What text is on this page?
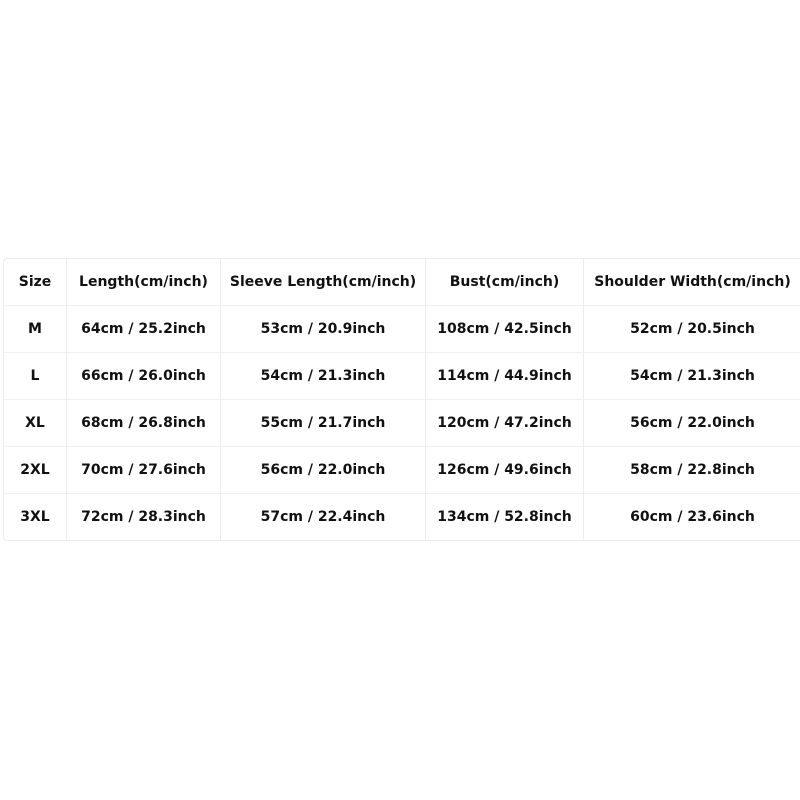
Size	Length(cm/inch)	Sleeve Length(cm/inch)	Bust(cm/inch)	Shoulder Width(cm/inch)
M	64cm / 25.2inch	53cm / 20.9inch	108cm / 42.5inch	52cm / 20.5inch
L	66cm / 26.0inch	54cm / 21.3inch	114cm / 44.9inch	54cm / 21.3inch
XL	68cm / 26.8inch	55cm / 21.7inch	120cm / 47.2inch	56cm / 22.0inch
2XL	70cm / 27.6inch	56cm / 22.0inch	126cm / 49.6inch	58cm / 22.8inch
3XL	72cm / 28.3inch	57cm / 22.4inch	134cm / 52.8inch	60cm / 23.6inch
